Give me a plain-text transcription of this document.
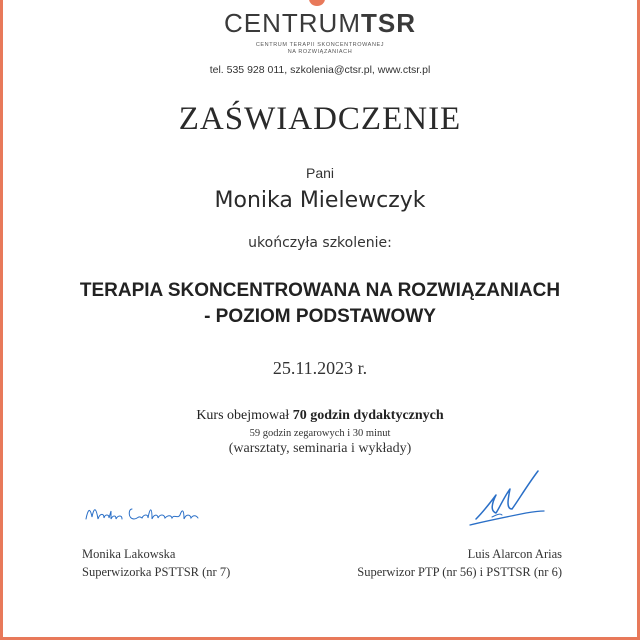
CENTRUMTSR
CENTRUM TERAPII SKONCENTROWANEJ
NA ROZWIĄZANIACH
tel. 535 928 011, szkolenia@ctsr.pl, www.ctsr.pl
ZAŚWIADCZENIE
Pani
Monika Mielewczyk
ukończyła szkolenie:
TERAPIA SKONCENTROWANA NA ROZWIĄZANIACH
- POZIOM PODSTAWOWY
25.11.2023 r.
Kurs obejmował 70 godzin dydaktycznych
59 godzin zegarowych i 30 minut
(warsztaty, seminaria i wykłady)
Monika Lakowska
Superwizorka PSTTSR (nr 7)
Luis Alarcon Arias
Superwizor PTP (nr 56) i PSTTSR (nr 6)
